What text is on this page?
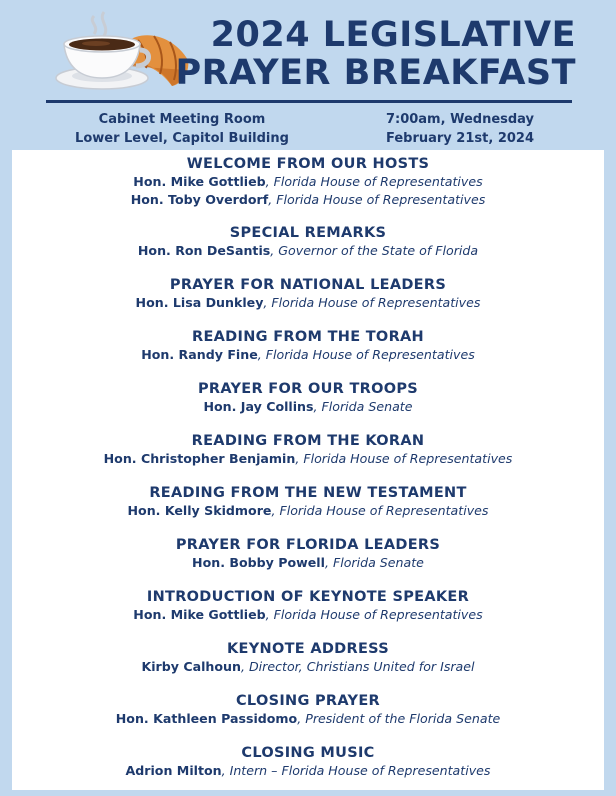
2024 LEGISLATIVE
PRAYER BREAKFAST
Cabinet Meeting Room
Lower Level, Capitol Building
7:00am, Wednesday
February 21st, 2024
WELCOME FROM OUR HOSTS
Hon. Mike Gottlieb, Florida House of Representatives
Hon. Toby Overdorf, Florida House of Representatives
SPECIAL REMARKS
Hon. Ron DeSantis, Governor of the State of Florida
PRAYER FOR NATIONAL LEADERS
Hon. Lisa Dunkley, Florida House of Representatives
READING FROM THE TORAH
Hon. Randy Fine, Florida House of Representatives
PRAYER FOR OUR TROOPS
Hon. Jay Collins, Florida Senate
READING FROM THE KORAN
Hon. Christopher Benjamin, Florida House of Representatives
READING FROM THE NEW TESTAMENT
Hon. Kelly Skidmore, Florida House of Representatives
PRAYER FOR FLORIDA LEADERS
Hon. Bobby Powell, Florida Senate
INTRODUCTION OF KEYNOTE SPEAKER
Hon. Mike Gottlieb, Florida House of Representatives
KEYNOTE ADDRESS
Kirby Calhoun, Director, Christians United for Israel
CLOSING PRAYER
Hon. Kathleen Passidomo, President of the Florida Senate
CLOSING MUSIC
Adrion Milton, Intern – Florida House of Representatives
